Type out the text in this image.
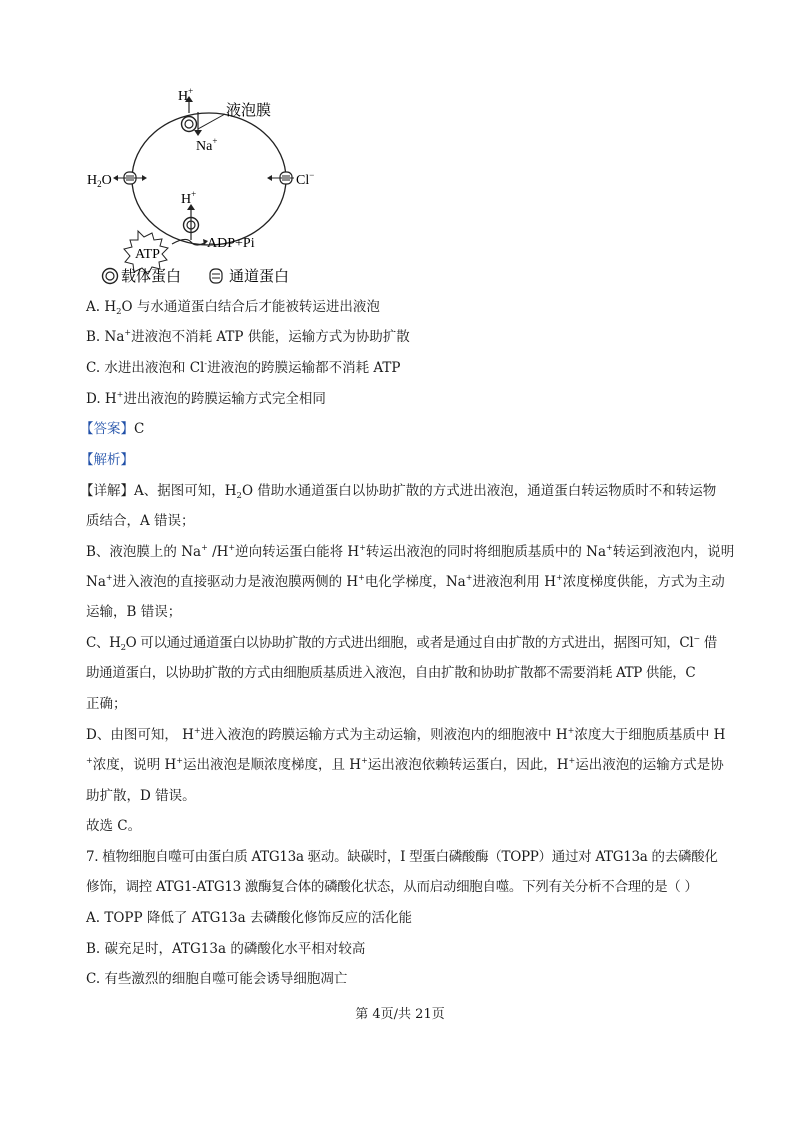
液泡膜
H+
Na+
$H_2O$	Cl−
H+
ATP
ADP+Pi
载体蛋白	通道蛋白
A. $H_2O$ 与水通道蛋白结合后才能被转运进出液泡
B. Na+进液泡不消耗 ATP 供能，运输方式为协助扩散
C. 水进出液泡和 Cl-进液泡的跨膜运输都不消耗 ATP
D. H+进出液泡的跨膜运输方式完全相同
【答案】C
【解析】
【详解】A、据图可知，$H_2O$ 借助水通道蛋白以协助扩散的方式进出液泡，通道蛋白转运物质时不和转运物
质结合，A 错误；
B、液泡膜上的 Na+ /H+逆向转运蛋白能将 H+转运出液泡的同时将细胞质基质中的 Na+转运到液泡内，说明
Na+进入液泡的直接驱动力是液泡膜两侧的 H+电化学梯度，Na+进液泡利用 H+浓度梯度供能，方式为主动
运输，B 错误；
C、$H_2O$ 可以通过通道蛋白以协助扩散的方式进出细胞，或者是通过自由扩散的方式进出，据图可知，Cl− 借
助通道蛋白，以协助扩散的方式由细胞质基质进入液泡，自由扩散和协助扩散都不需要消耗 ATP 供能，C
正确；
D、由图可知， H+进入液泡的跨膜运输方式为主动运输，则液泡内的细胞液中 H+浓度大于细胞质基质中 H
+浓度，说明 H+运出液泡是顺浓度梯度，且 H+运出液泡依赖转运蛋白，因此，H+运出液泡的运输方式是协
助扩散，D 错误。
故选 C。
7. 植物细胞自噬可由蛋白质 ATG13a 驱动。缺碳时，I 型蛋白磷酸酶（TOPP）通过对 ATG13a 的去磷酸化
修饰，调控 ATG1-ATG13 激酶复合体的磷酸化状态，从而启动细胞自噬。下列有关分析不合理的是（ ）
A. TOPP 降低了 ATG13a 去磷酸化修饰反应的活化能
B. 碳充足时，ATG13a 的磷酸化水平相对较高
C. 有些激烈的细胞自噬可能会诱导细胞凋亡
第 4页/共 21页
